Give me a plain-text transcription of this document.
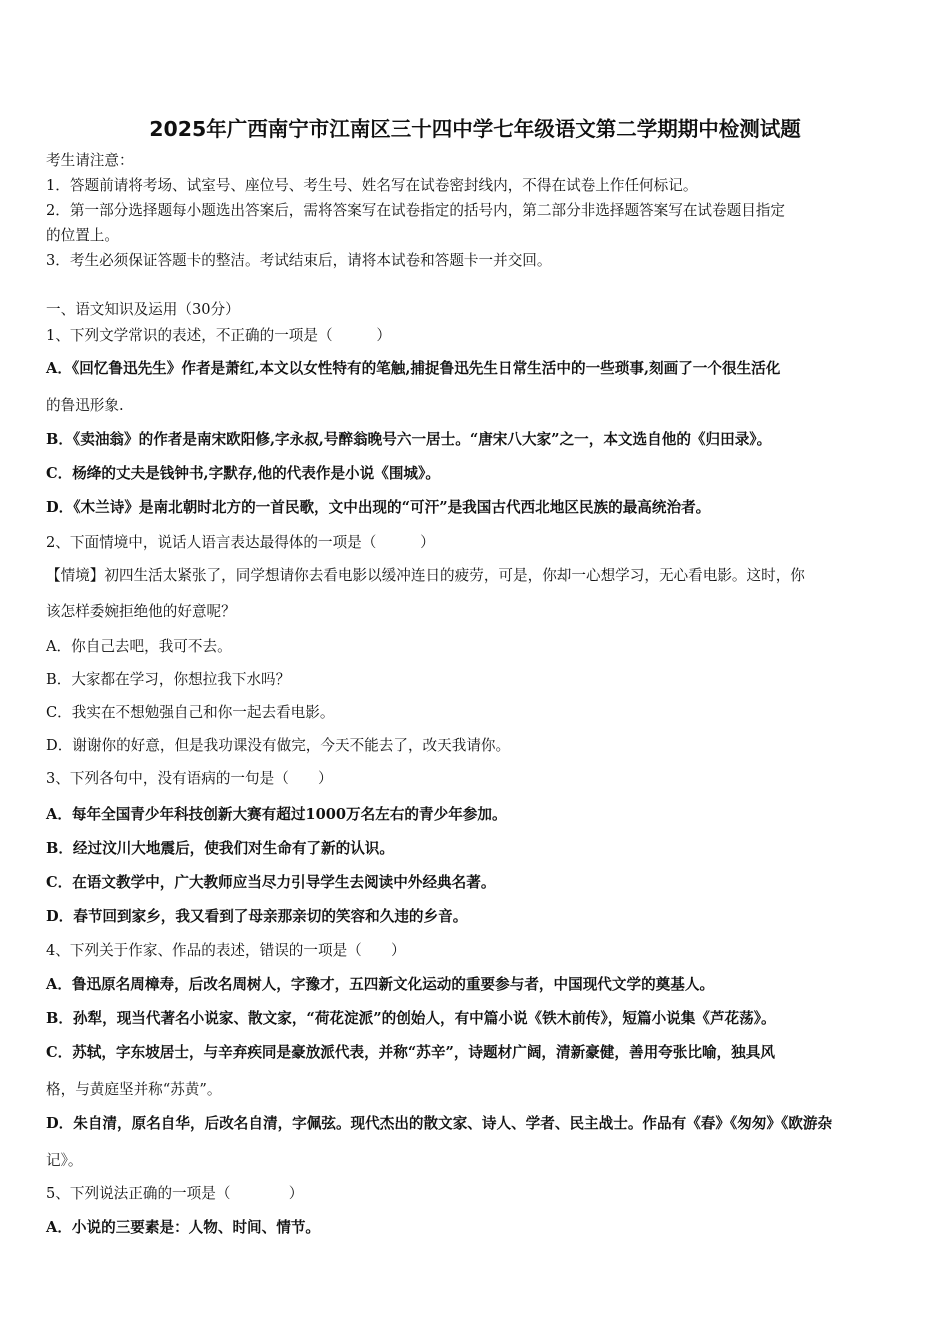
2025年广西南宁市江南区三十四中学七年级语文第二学期期中检测试题
考生请注意：
1．答题前请将考场、试室号、座位号、考生号、姓名写在试卷密封线内，不得在试卷上作任何标记。
2．第一部分选择题每小题选出答案后，需将答案写在试卷指定的括号内，第二部分非选择题答案写在试卷题目指定
的位置上。
3．考生必须保证答题卡的整洁。考试结束后，请将本试卷和答题卡一并交回。
一、语文知识及运用（30分）
1、下列文学常识的表述，不正确的一项是（　　　）
A．《回忆鲁迅先生》作者是萧红,本文以女性特有的笔触,捕捉鲁迅先生日常生活中的一些琐事,刻画了一个很生活化
的鲁迅形象.
B．《卖油翁》的作者是南宋欧阳修,字永叔,号醉翁晚号六一居士。“唐宋八大家”之一，本文选自他的《归田录》。
C．杨绛的丈夫是钱钟书,字默存,他的代表作是小说《围城》。
D．《木兰诗》是南北朝时北方的一首民歌，文中出现的“可汗”是我国古代西北地区民族的最高统治者。
2、下面情境中，说话人语言表达最得体的一项是（　　　）
【情境】初四生活太紧张了，同学想请你去看电影以缓冲连日的疲劳，可是，你却一心想学习，无心看电影。这时，你
该怎样委婉拒绝他的好意呢？
A．你自己去吧，我可不去。
B．大家都在学习，你想拉我下水吗？
C．我实在不想勉强自己和你一起去看电影。
D．谢谢你的好意，但是我功课没有做完，今天不能去了，改天我请你。
3、下列各句中，没有语病的一句是（　　）
A．每年全国青少年科技创新大赛有超过1000万名左右的青少年参加。
B．经过汶川大地震后，使我们对生命有了新的认识。
C．在语文教学中，广大教师应当尽力引导学生去阅读中外经典名著。
D．春节回到家乡，我又看到了母亲那亲切的笑容和久违的乡音。
4、下列关于作家、作品的表述，错误的一项是（　　）
A．鲁迅原名周樟寿，后改名周树人，字豫才，五四新文化运动的重要参与者，中国现代文学的奠基人。
B．孙犁，现当代著名小说家、散文家，“荷花淀派”的创始人，有中篇小说《铁木前传》，短篇小说集《芦花荡》。
C．苏轼，字东坡居士，与辛弃疾同是豪放派代表，并称“苏辛”，诗题材广阔，清新豪健，善用夸张比喻，独具风
格，与黄庭坚并称“苏黄”。
D．朱自清，原名自华，后改名自清，字佩弦。现代杰出的散文家、诗人、学者、民主战士。作品有《春》《匆匆》《欧游杂
记》。
5、下列说法正确的一项是（　　　　）
A．小说的三要素是：人物、时间、情节。
